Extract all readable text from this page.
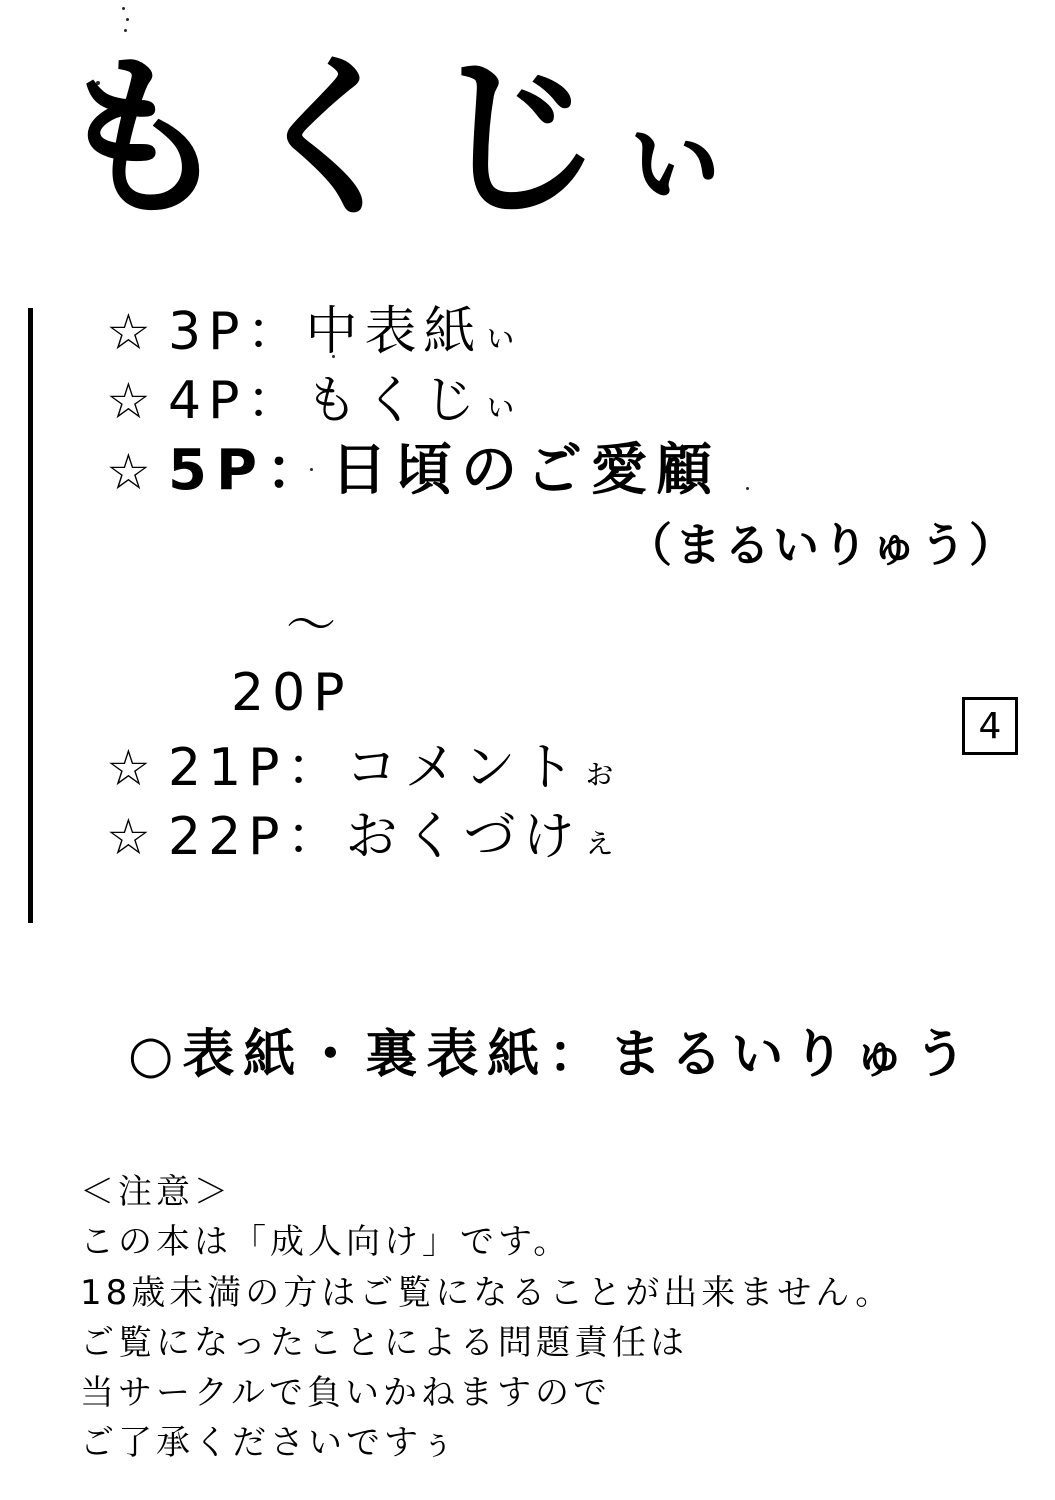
もくじぃ
☆ 3P：中表紙ぃ
☆ 4P：もくじぃ
☆ 5P：日頃のご愛顧
（まるいりゅう）
〜
20P
☆ 21P：コメントぉ
☆ 22P：おくづけぇ
4
○表紙・裏表紙：まるいりゅう
＜注意＞
この本は「成人向け」です。
18歳未満の方はご覧になることが出来ません。
ご覧になったことによる問題責任は
当サークルで負いかねますので
ご了承くださいですぅ
